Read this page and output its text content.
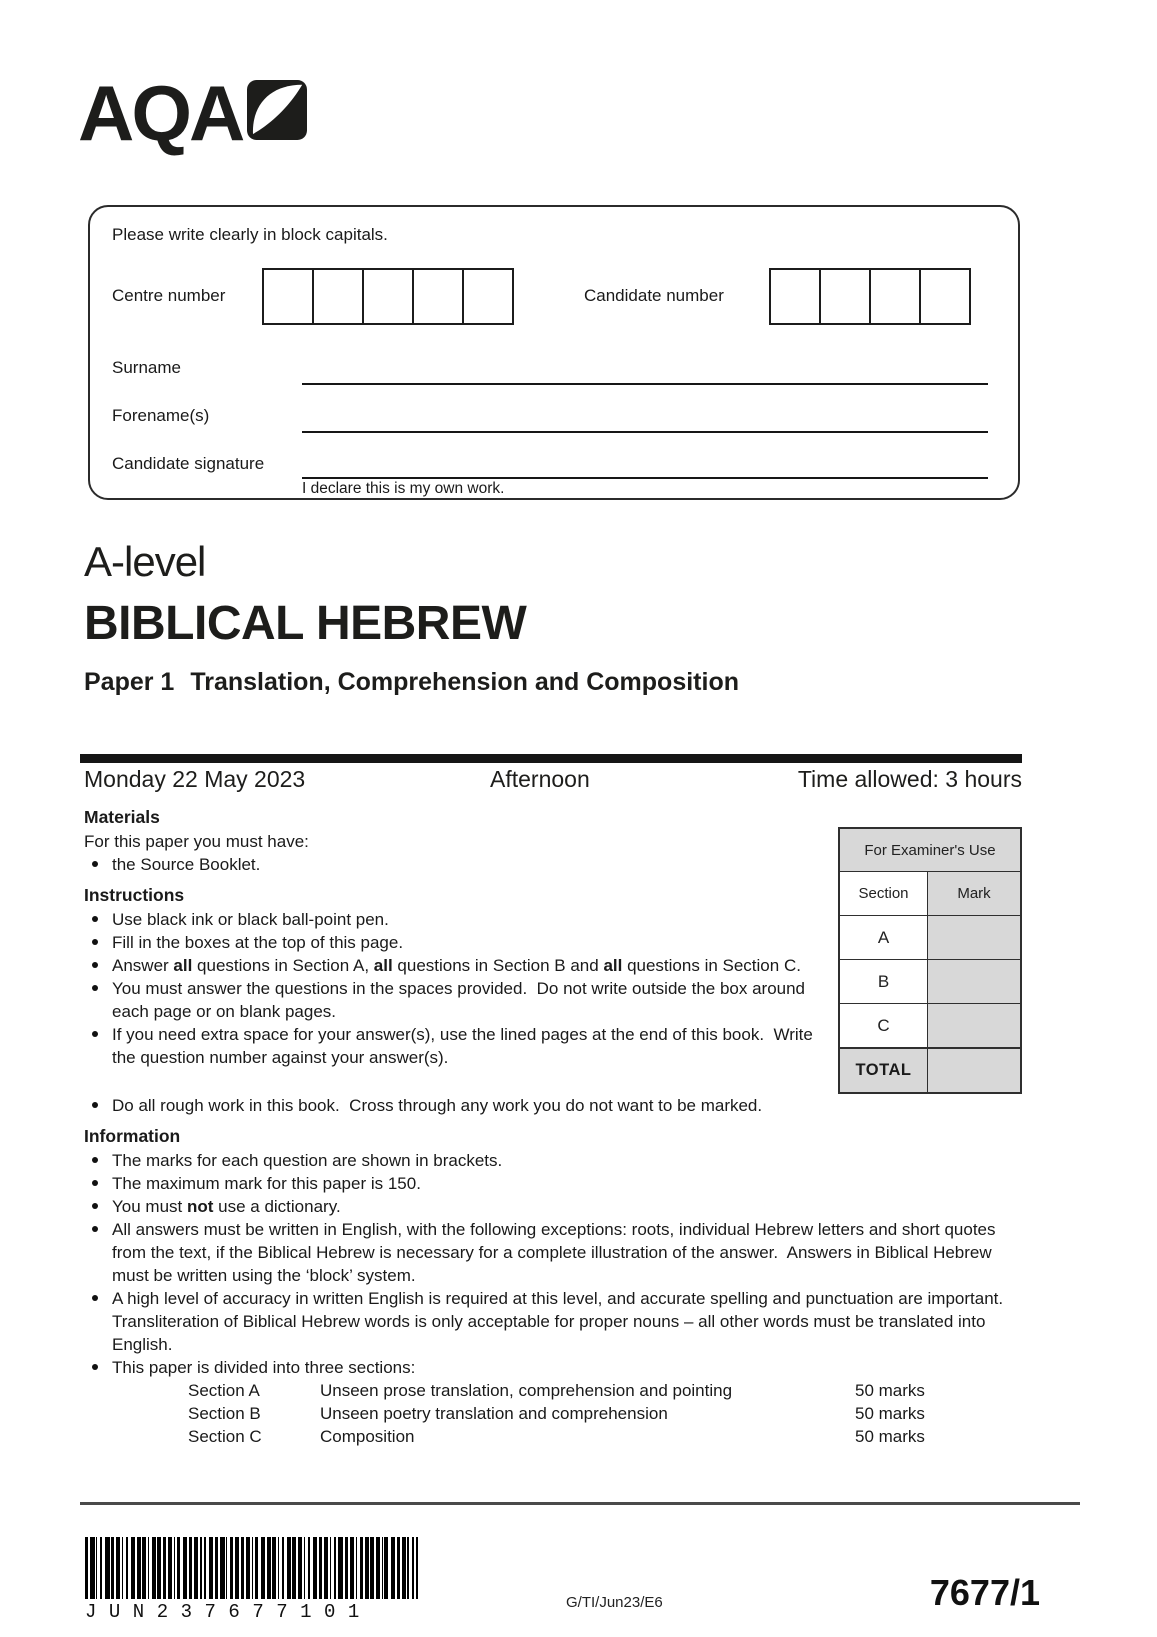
AQA
Please write clearly in block capitals.
Centre number	Candidate number
Surname
Forename(s)
Candidate signature
I declare this is my own work.
A-level
BIBLICAL HEBREW
Paper 1 Translation, Comprehension and Composition
Monday 22 May 2023	Afternoon	Time allowed: 3 hours
For Examiner's Use
Section	Mark
A
B
C
TOTAL
Materials
For this paper you must have:
the Source Booklet.
Instructions
Use black ink or black ball-point pen.
Fill in the boxes at the top of this page.
Answer all questions in Section A, all questions in Section B and all questions in Section C.
You must answer the questions in the spaces provided.  Do not write outside the box around each page or on blank pages.
If you need extra space for your answer(s), use the lined pages at the end of this book.  Write the question number against your answer(s).
Do all rough work in this book.  Cross through any work you do not want to be marked.
Information
The marks for each question are shown in brackets.
The maximum mark for this paper is 150.
You must not use a dictionary.
All answers must be written in English, with the following exceptions: roots, individual Hebrew letters and short quotes from the text, if the Biblical Hebrew is necessary for a complete illustration of the answer.  Answers in Biblical Hebrew must be written using the ‘block’ system.
A high level of accuracy in written English is required at this level, and accurate spelling and punctuation are important.  Transliteration of Biblical Hebrew words is only acceptable for proper nouns – all other words must be translated into English.
This paper is divided into three sections:
Section A	Unseen prose translation, comprehension and pointing	50 marks
Section B	Unseen poetry translation and comprehension	50 marks
Section C	Composition	50 marks
JUN237677101	G/TI/Jun23/E6	7677/1
